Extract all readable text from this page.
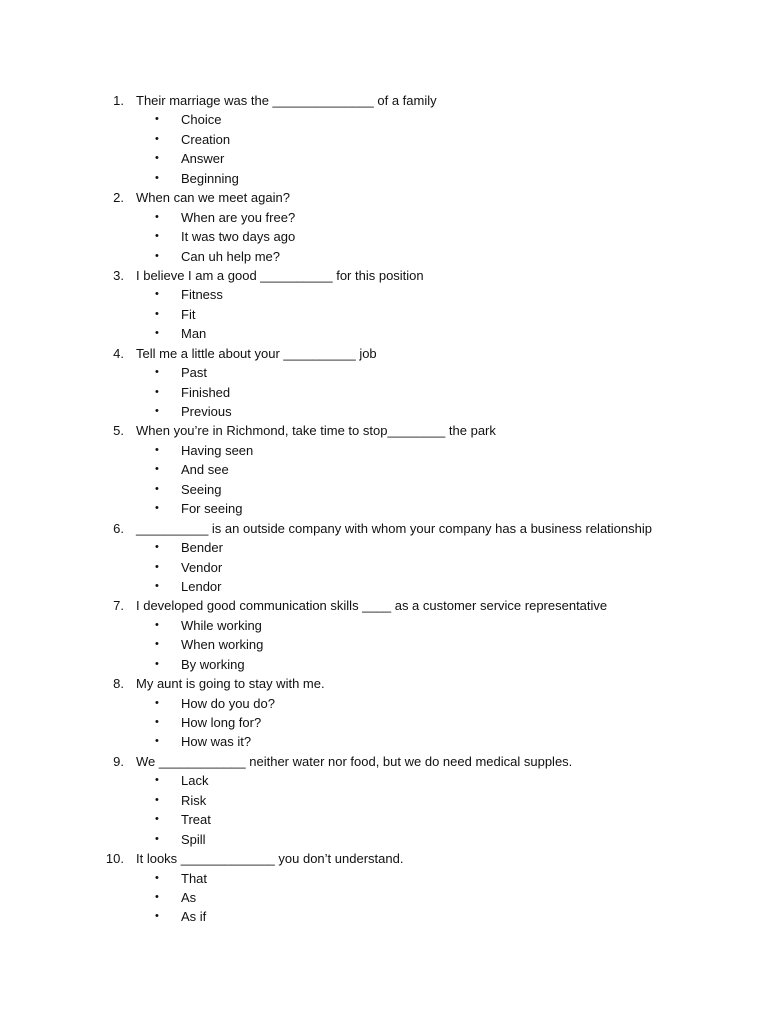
1. Their marriage was the ______________ of a family
• Choice
• Creation
• Answer
• Beginning
2. When can we meet again?
• When are you free?
• It was two days ago
• Can uh help me?
3. I believe I am a good __________ for this position
• Fitness
• Fit
• Man
4. Tell me a little about your __________ job
• Past
• Finished
• Previous
5. When you’re in Richmond, take time to stop________ the park
• Having seen
• And see
• Seeing
• For seeing
6. __________ is an outside company with whom your company has a business relationship
• Bender
• Vendor
• Lendor
7. I developed good communication skills ____ as a customer service representative
• While working
• When working
• By working
8. My aunt is going to stay with me.
• How do you do?
• How long for?
• How was it?
9. We ____________ neither water nor food, but we do need medical supples.
• Lack
• Risk
• Treat
• Spill
10. It looks _____________ you don’t understand.
• That
• As
• As if
